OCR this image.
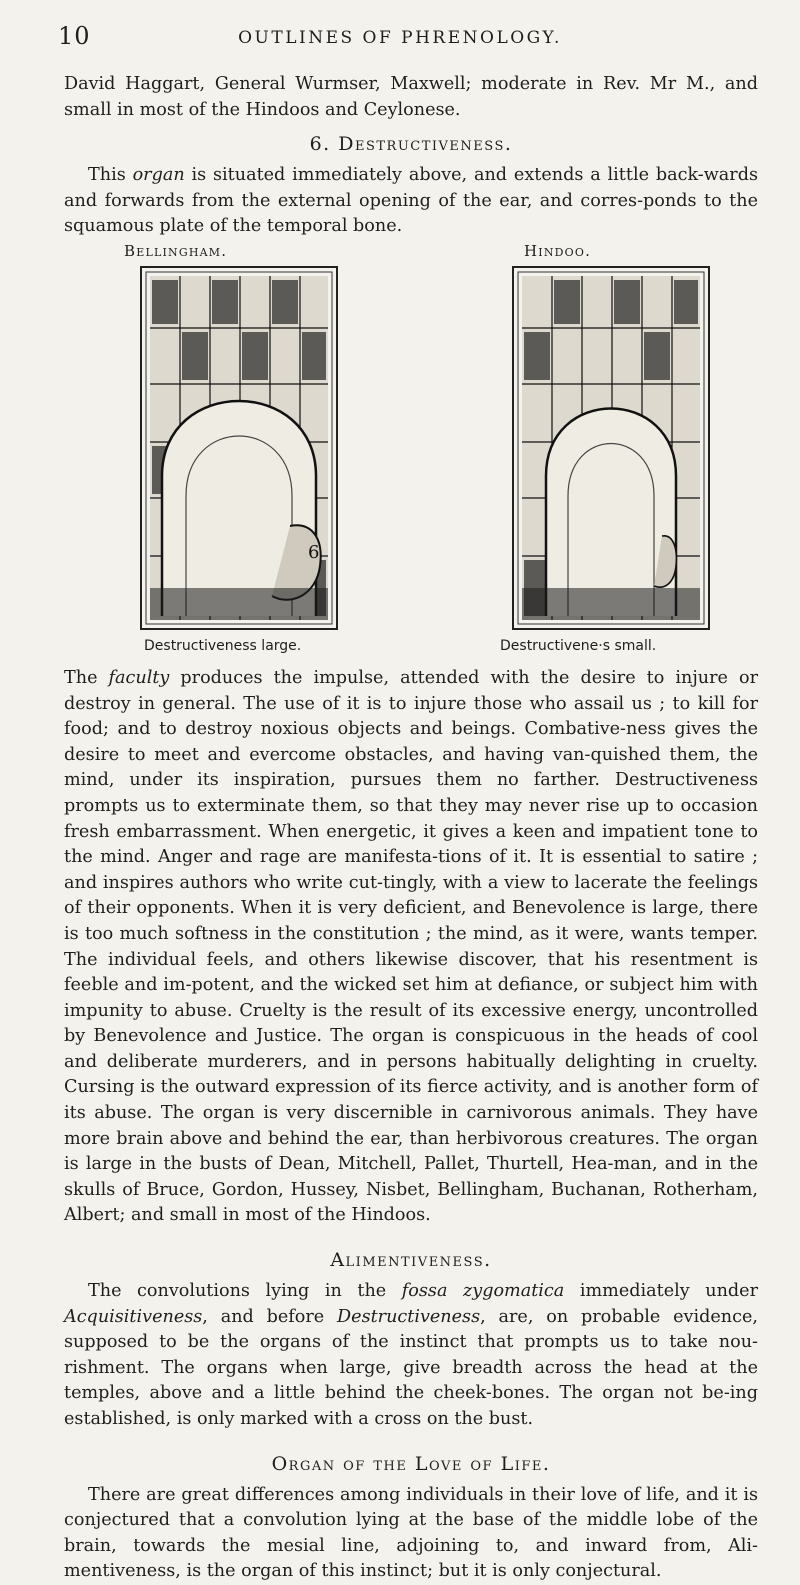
10	OUTLINES OF PHRENOLOGY.

David Haggart, General Wurmser, Maxwell; moderate in Rev. Mr M., and small in most of the Hindoos and Ceylonese.

6. Destructiveness.

This organ is situated immediately above, and extends a little back-wards and forwards from the external opening of the ear, and corres-ponds to the squamous plate of the temporal bone.

Bellingham.	Hindoo.
6
Destructiveness large.	Destructivene·s small.

The faculty produces the impulse, attended with the desire to injure or destroy in general. The use of it is to injure those who assail us ; to kill for food; and to destroy noxious objects and beings. Combative-ness gives the desire to meet and evercome obstacles, and having van-quished them, the mind, under its inspiration, pursues them no farther. Destructiveness prompts us to exterminate them, so that they may never rise up to occasion fresh embarrassment. When energetic, it gives a keen and impatient tone to the mind. Anger and rage are manifesta-tions of it. It is essential to satire ; and inspires authors who write cut-tingly, with a view to lacerate the feelings of their opponents. When it is very deficient, and Benevolence is large, there is too much softness in the constitution ; the mind, as it were, wants temper. The individual feels, and others likewise discover, that his resentment is feeble and im-potent, and the wicked set him at defiance, or subject him with impunity to abuse. Cruelty is the result of its excessive energy, uncontrolled by Benevolence and Justice. The organ is conspicuous in the heads of cool and deliberate murderers, and in persons habitually delighting in cruelty. Cursing is the outward expression of its fierce activity, and is another form of its abuse. The organ is very discernible in carnivorous animals. They have more brain above and behind the ear, than herbivorous creatures. The organ is large in the busts of Dean, Mitchell, Pallet, Thurtell, Hea-man, and in the skulls of Bruce, Gordon, Hussey, Nisbet, Bellingham, Buchanan, Rotherham, Albert; and small in most of the Hindoos.

Alimentiveness.

The convolutions lying in the fossa zygomatica immediately under Acquisitiveness, and before Destructiveness, are, on probable evidence, supposed to be the organs of the instinct that prompts us to take nou-rishment. The organs when large, give breadth across the head at the temples, above and a little behind the cheek-bones. The organ not be-ing established, is only marked with a cross on the bust.

Organ of the Love of Life.

There are great differences among individuals in their love of life, and it is conjectured that a convolution lying at the base of the middle lobe of the brain, towards the mesial line, adjoining to, and inward from, Ali-mentiveness, is the organ of this instinct; but it is only conjectural.
